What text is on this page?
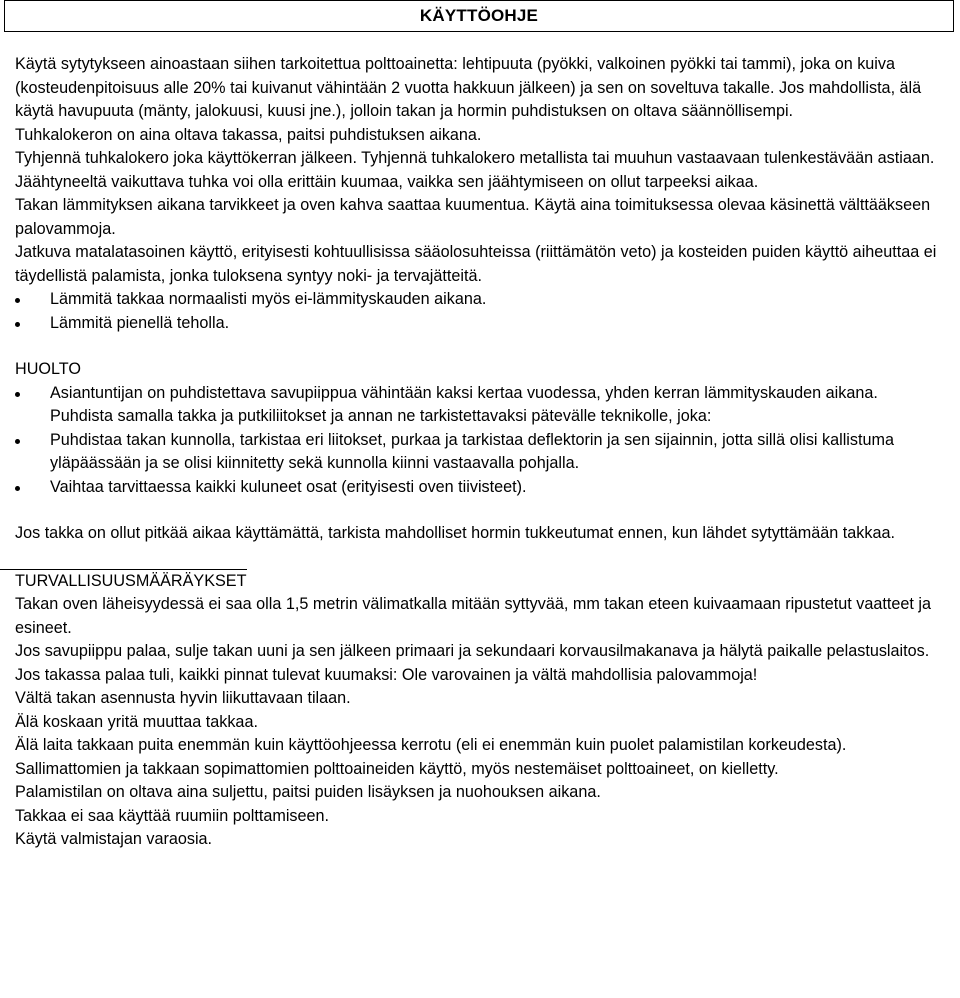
KÄYTTÖOHJE

Käytä sytytykseen ainoastaan siihen tarkoitettua polttoainetta: lehtipuuta (pyökki, valkoinen pyökki tai tammi), joka on kuiva (kosteudenpitoisuus alle 20% tai kuivanut vähintään 2 vuotta hakkuun jälkeen) ja sen on soveltuva takalle. Jos mahdollista, älä käytä havupuuta (mänty, jalokuusi, kuusi jne.), jolloin takan ja hormin puhdistuksen on oltava säännöllisempi.

Tuhkalokeron on aina oltava takassa, paitsi puhdistuksen aikana.

Tyhjennä tuhkalokero joka käyttökerran jälkeen. Tyhjennä tuhkalokero metallista tai muuhun vastaavaan tulenkestävään astiaan. Jäähtyneeltä vaikuttava tuhka voi olla erittäin kuumaa, vaikka sen jäähtymiseen on ollut tarpeeksi aikaa.

Takan lämmityksen aikana tarvikkeet ja oven kahva saattaa kuumentua. Käytä aina toimituksessa olevaa käsinettä välttääkseen palovammoja.

Jatkuva matalatasoinen käyttö, erityisesti kohtuullisissa sääolosuhteissa (riittämätön veto) ja kosteiden puiden käyttö aiheuttaa ei täydellistä palamista, jonka tuloksena syntyy noki- ja tervajätteitä.

Lämmitä takkaa normaalisti myös ei-lämmityskauden aikana.
Lämmitä pienellä teholla.

HUOLTO

Asiantuntijan on puhdistettava savupiippua vähintään kaksi kertaa vuodessa, yhden kerran lämmityskauden aikana. Puhdista samalla takka ja putkiliitokset ja annan ne tarkistettavaksi pätevälle teknikolle, joka:
Puhdistaa takan kunnolla, tarkistaa eri liitokset, purkaa ja tarkistaa deflektorin ja sen sijainnin, jotta sillä olisi kallistuma yläpäässään ja se olisi kiinnitetty sekä kunnolla kiinni vastaavalla pohjalla.
Vaihtaa tarvittaessa kaikki kuluneet osat (erityisesti oven tiivisteet).

Jos takka on ollut pitkää aikaa käyttämättä, tarkista mahdolliset hormin tukkeutumat ennen, kun lähdet sytyttämään takkaa.

TURVALLISUUSMÄÄRÄYKSET

Takan oven läheisyydessä ei saa olla 1,5 metrin välimatkalla mitään syttyvää, mm takan eteen kuivaamaan ripustetut vaatteet ja esineet.

Jos savupiippu palaa, sulje takan uuni ja sen jälkeen primaari ja sekundaari korvausilmakanava ja hälytä paikalle pelastuslaitos.

Jos takassa palaa tuli, kaikki pinnat tulevat kuumaksi: Ole varovainen ja vältä mahdollisia palovammoja!

Vältä takan asennusta hyvin liikuttavaan tilaan.

Älä koskaan yritä muuttaa takkaa.

Älä laita takkaan puita enemmän kuin käyttöohjeessa kerrotu (eli ei enemmän kuin puolet palamistilan korkeudesta).

Sallimattomien ja takkaan sopimattomien polttoaineiden käyttö, myös nestemäiset polttoaineet, on kielletty.

Palamistilan on oltava aina suljettu, paitsi puiden lisäyksen ja nuohouksen aikana.

Takkaa ei saa käyttää ruumiin polttamiseen.

Käytä valmistajan varaosia.
